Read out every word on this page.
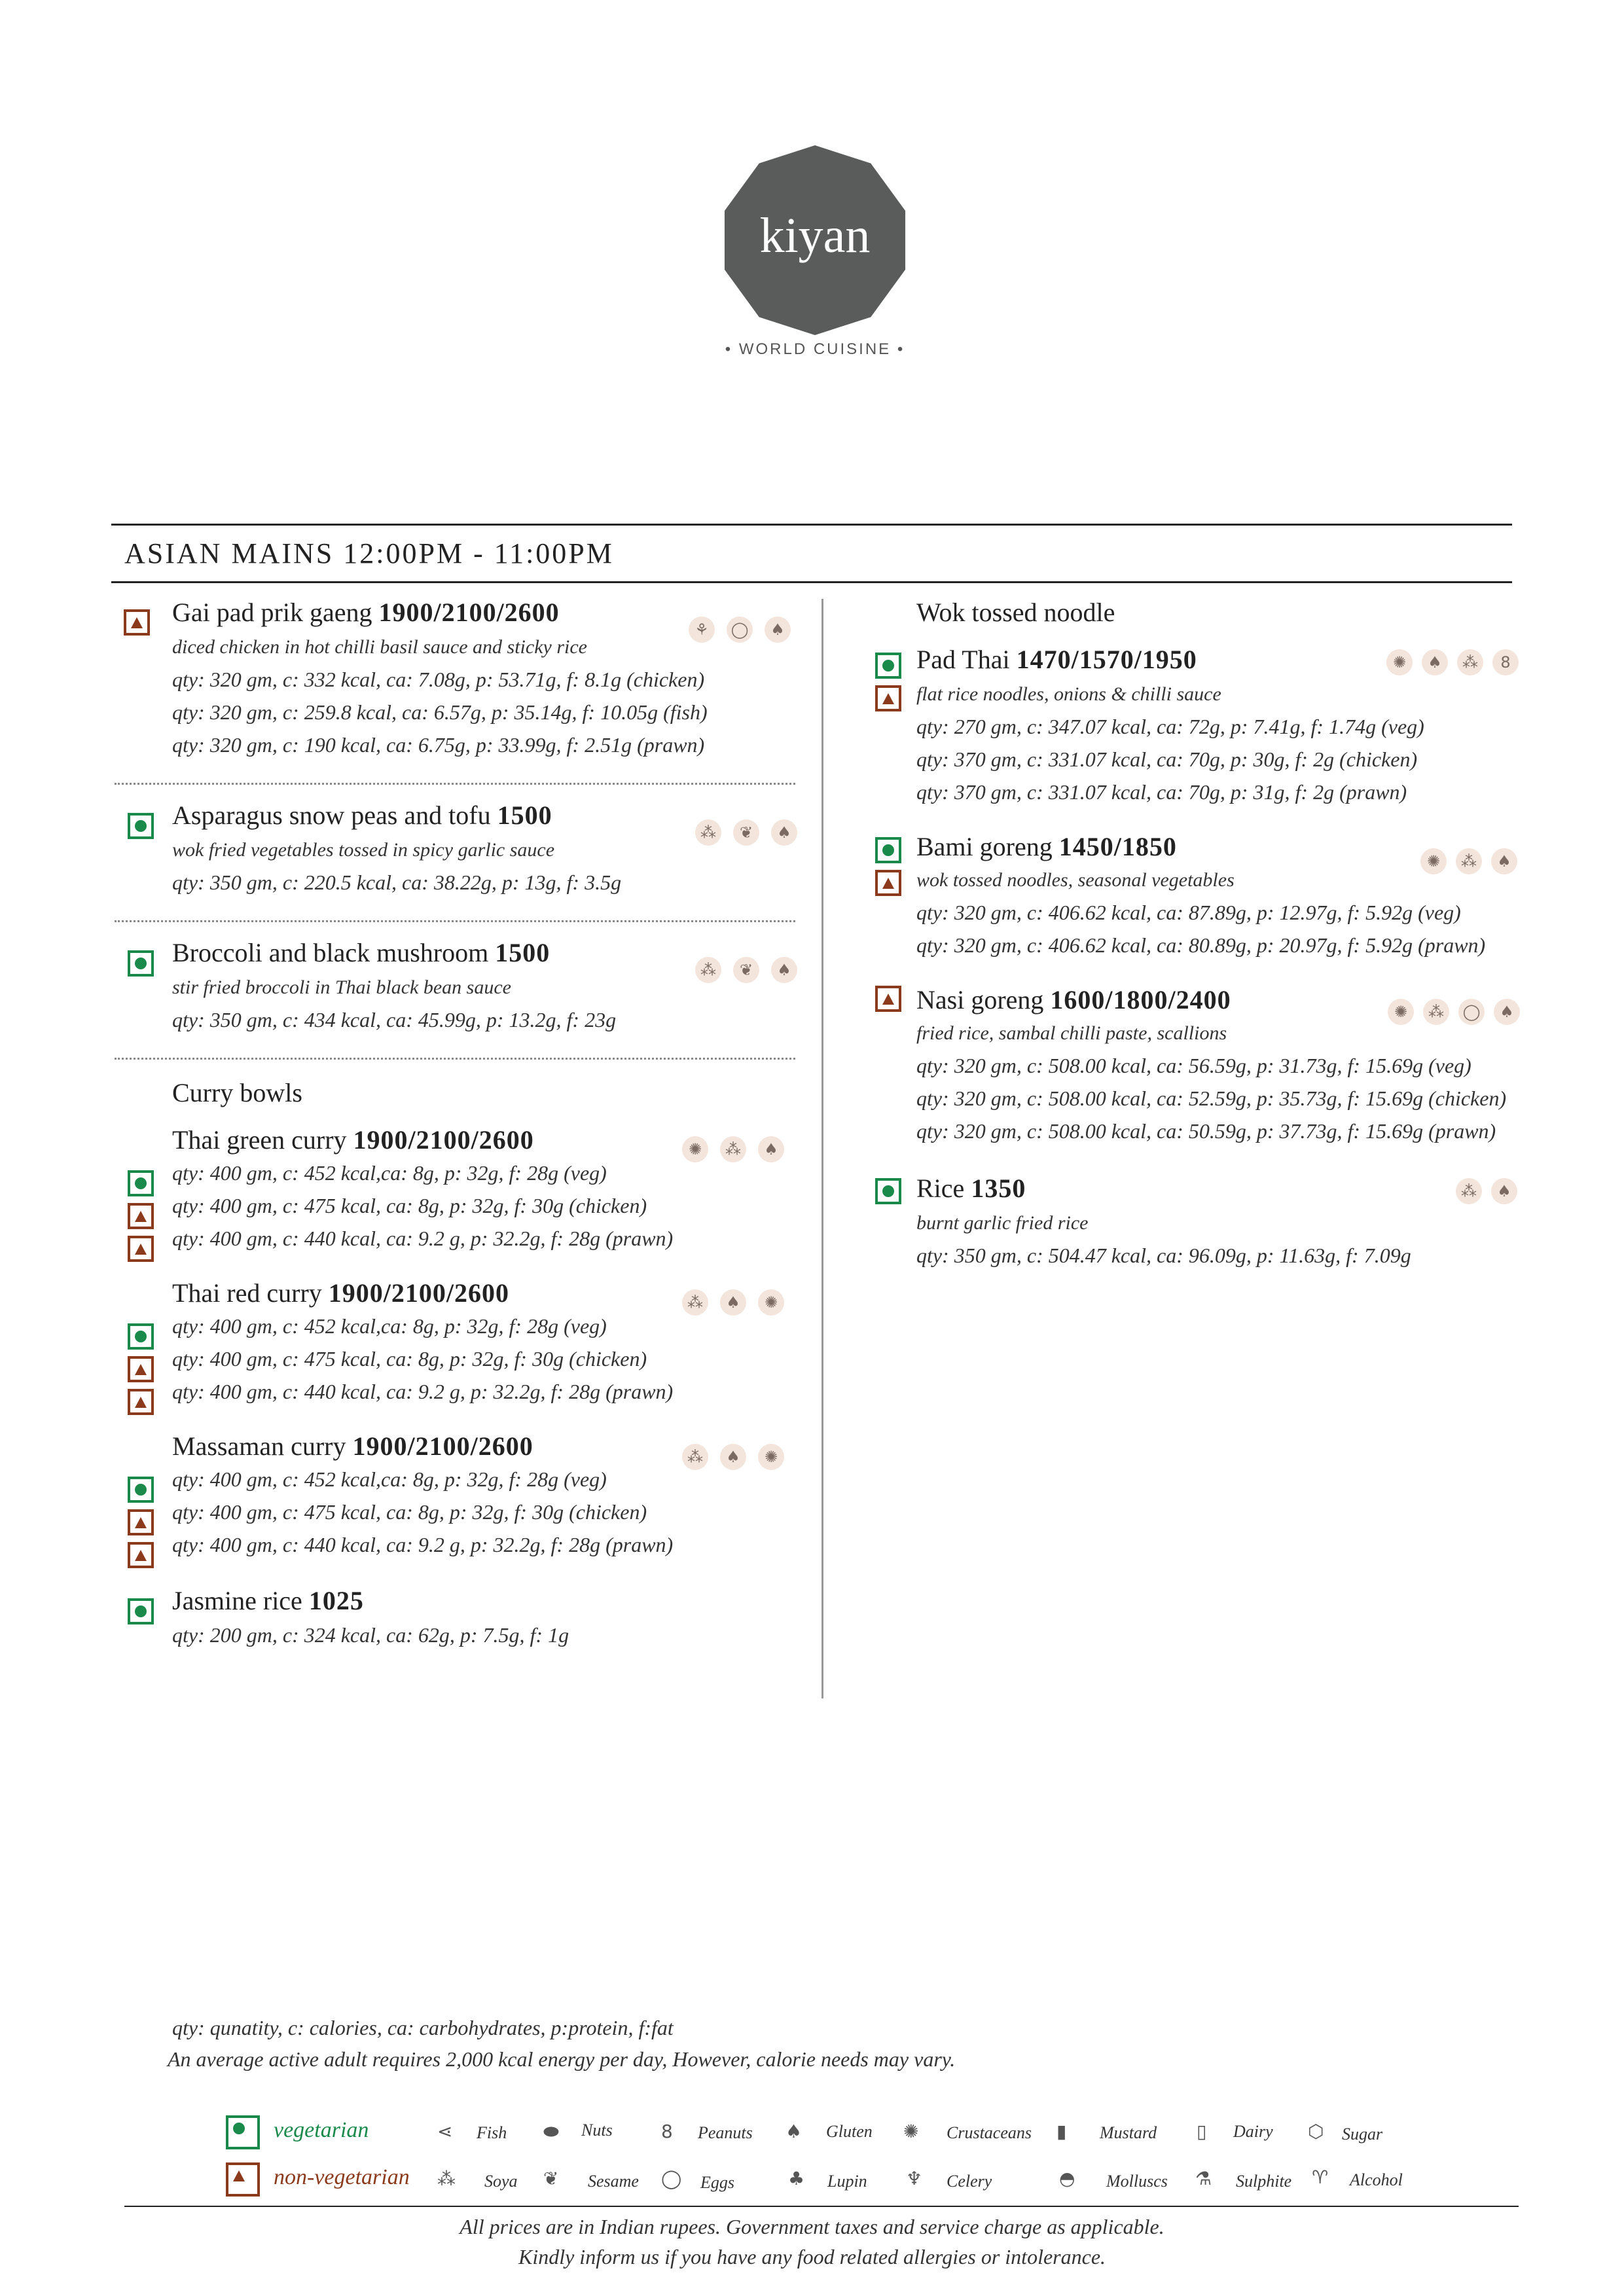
kiyan
• WORLD CUISINE •
ASIAN MAINS 12:00PM - 11:00PM
Gai pad prik gaeng 1900/2100/2600
⚘	◯	♠
diced chicken in hot chilli basil sauce and sticky rice
qty: 320 gm, c: 332 kcal, ca: 7.08g, p: 53.71g, f: 8.1g (chicken)
qty: 320 gm, c: 259.8 kcal, ca: 6.57g, p: 35.14g, f: 10.05g (fish)
qty: 320 gm, c: 190 kcal, ca: 6.75g, p: 33.99g, f: 2.51g (prawn)
Asparagus snow peas and tofu 1500
⁂	❦	♠
wok fried vegetables tossed in spicy garlic sauce
qty: 350 gm, c: 220.5 kcal, ca: 38.22g, p: 13g, f: 3.5g
Broccoli and black mushroom 1500
⁂	❦	♠
stir fried broccoli in Thai black bean sauce
qty: 350 gm, c: 434 kcal, ca: 45.99g, p: 13.2g, f: 23g
Curry bowls
Thai green curry 1900/2100/2600	✺	⁂	♠
qty: 400 gm, c: 452 kcal,ca: 8g, p: 32g, f: 28g (veg)
qty: 400 gm, c: 475 kcal, ca: 8g, p: 32g, f: 30g (chicken)
qty: 400 gm, c: 440 kcal, ca: 9.2 g, p: 32.2g, f: 28g (prawn)
Thai red curry 1900/2100/2600	⁂	♠	✺
qty: 400 gm, c: 452 kcal,ca: 8g, p: 32g, f: 28g (veg)
qty: 400 gm, c: 475 kcal, ca: 8g, p: 32g, f: 30g (chicken)
qty: 400 gm, c: 440 kcal, ca: 9.2 g, p: 32.2g, f: 28g (prawn)
Massaman curry 1900/2100/2600	⁂	♠	✺
qty: 400 gm, c: 452 kcal,ca: 8g, p: 32g, f: 28g (veg)
qty: 400 gm, c: 475 kcal, ca: 8g, p: 32g, f: 30g (chicken)
qty: 400 gm, c: 440 kcal, ca: 9.2 g, p: 32.2g, f: 28g (prawn)
Jasmine rice 1025
qty: 200 gm, c: 324 kcal, ca: 62g, p: 7.5g, f: 1g
Wok tossed noodle
Pad Thai 1470/1570/1950	✺	♠	⁂	8
flat rice noodles, onions & chilli sauce
qty: 270 gm, c: 347.07 kcal, ca: 72g, p: 7.41g, f: 1.74g (veg)
qty: 370 gm, c: 331.07 kcal, ca: 70g, p: 30g, f: 2g (chicken)
qty: 370 gm, c: 331.07 kcal, ca: 70g, p: 31g, f: 2g (prawn)
Bami goreng 1450/1850	✺	⁂	♠
wok tossed noodles, seasonal vegetables
qty: 320 gm, c: 406.62 kcal, ca: 87.89g, p: 12.97g, f: 5.92g (veg)
qty: 320 gm, c: 406.62 kcal, ca: 80.89g, p: 20.97g, f: 5.92g (prawn)
Nasi goreng 1600/1800/2400	✺	⁂	◯	♠
fried rice, sambal chilli paste, scallions
qty: 320 gm, c: 508.00 kcal, ca: 56.59g, p: 31.73g, f: 15.69g (veg)
qty: 320 gm, c: 508.00 kcal, ca: 52.59g, p: 35.73g, f: 15.69g (chicken)
qty: 320 gm, c: 508.00 kcal, ca: 50.59g, p: 37.73g, f: 15.69g (prawn)
Rice 1350	⁂	♠
burnt garlic fried rice
qty: 350 gm, c: 504.47 kcal, ca: 96.09g, p: 11.63g, f: 7.09g
qty: qunatity, c: calories, ca: carbohydrates, p:protein, f:fat
An average active adult requires 2,000 kcal energy per day, However, calorie needs may vary.
vegetarian
non-vegetarian
⋖ Fish ⬬ Nuts	8 Peanuts ♠ Gluten ✺ Crustaceans ▮ Mustard ▯ Dairy ⬡ Sugar
⁂ Soya ❦ Sesame ◯ Eggs	♣ Lupin ♆ Celery	◓ Molluscs ⚗ Sulphite ♈ Alcohol
All prices are in Indian rupees. Government taxes and service charge as applicable.
Kindly inform us if you have any food related allergies or intolerance.
